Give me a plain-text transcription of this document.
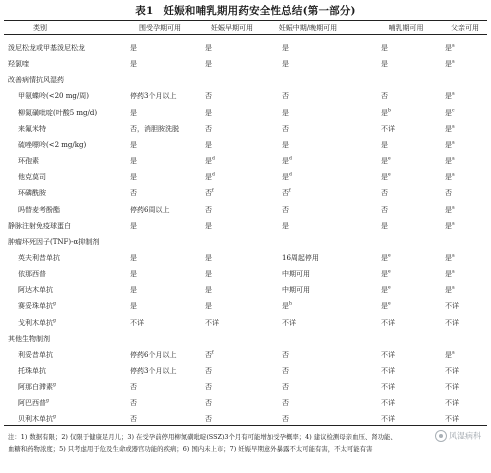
表1 妊娠和哺乳期用药安全性总结(第一部分)
类别	围受孕期可用	妊娠早期可用	妊娠中期/晚期可用	哺乳期可用	父亲可用
泼尼松龙或甲基泼尼松龙	是	是	是	是	是$^a$
羟氯喹	是	是	是	是	是$^a$
改善病情抗风湿药
甲氨蝶呤(<20 mg/周)	停药3个月以上	否	否	否	是$^a$
柳氮磺吡啶(叶酸5 mg/d)	是	是	是	是$^b$	是$^c$
来氟米特	否，消胆胺洗脱	否	否	不详	是$^a$
硫唑嘌呤(<2 mg/kg)	是	是	是	是	是$^a$
环孢素	是	是$^d$	是$^d$	是$^e$	是$^a$
他克莫司	是	是$^d$	是$^d$	是$^e$	是$^a$
环磷酰胺	否	否$^f$	否$^f$	否	否
吗替麦考酚酯	停药6周以上	否	否	否	是$^a$
静脉注射免疫球蛋白	是	是	是	是	是$^a$
肿瘤坏死因子(TNF)-α抑制剂
英夫利昔单抗	是	是	16周起停用	是$^e$	是$^a$
依那西普	是	是	中期可用	是$^e$	是$^a$
阿达木单抗	是	是	中期可用	是$^e$	是$^a$
赛妥珠单抗$^g$	是	是	是$^h$	是$^e$	不详
戈利木单抗$^g$	不详	不详	不详	不详	不详
其他生物制剂
利妥昔单抗	停药6个月以上	否$^f$	否	不详	是$^a$
托珠单抗	停药3个月以上	否	否	不详	不详
阿那白滞素$^g$	否	否	否	不详	不详
阿巴西普$^g$	否	否	否	不详	不详
贝利木单抗$^g$	否	否	否	不详	不详
注：1) 数据有限；2) 仅限于健康足月儿；3) 在受孕前停用柳氮磺吡啶(SSZ)3个月有可能增加受孕概率；4) 建议检测母亲血压、肾功能、
血糖和药物浓度；5) 只考虑用于危及生命或器官功能的疾病；6) 国内未上市；7) 妊娠早期意外暴露不太可能有害，不太可能有害
风湿病科
